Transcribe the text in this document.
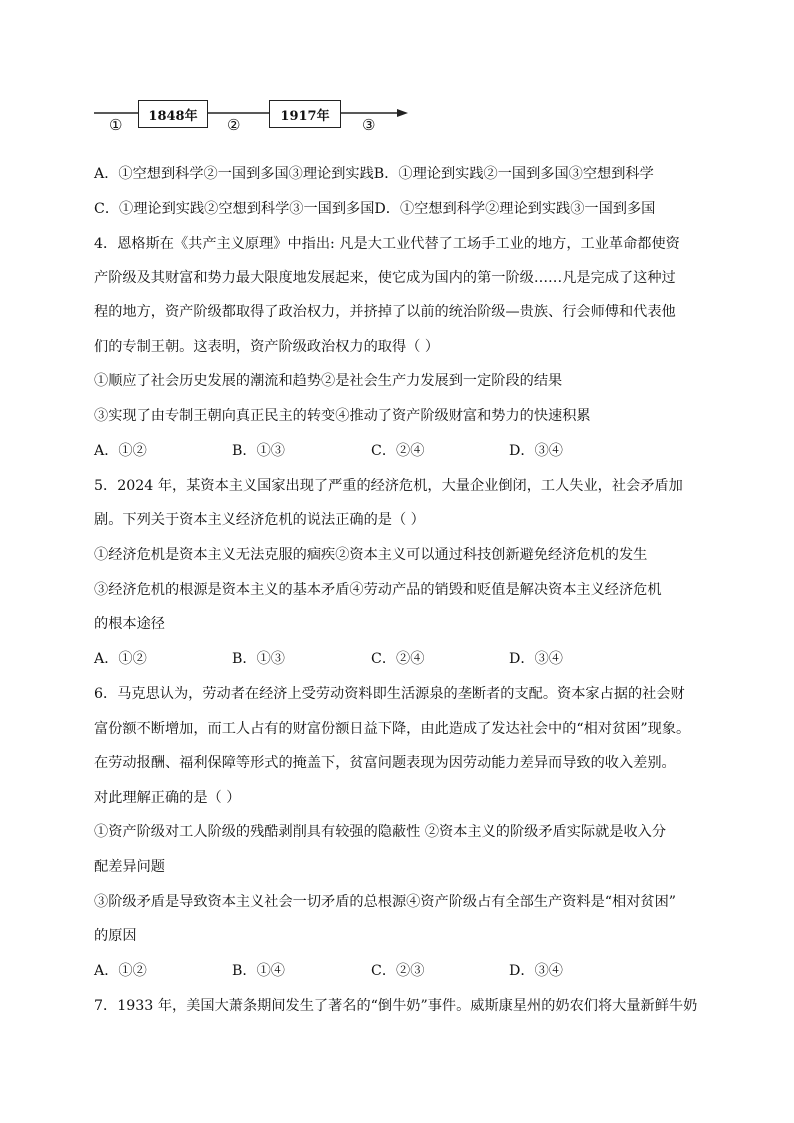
1848年	1917年
①	②	③
A．①空想到科学②一国到多国③理论到实践B．①理论到实践②一国到多国③空想到科学
C．①理论到实践②空想到科学③一国到多国D．①空想到科学②理论到实践③一国到多国
4．恩格斯在《共产主义原理》中指出: 凡是大工业代替了工场手工业的地方，工业革命都使资
产阶级及其财富和势力最大限度地发展起来，使它成为国内的第一阶级……凡是完成了这种过
程的地方，资产阶级都取得了政治权力，并挤掉了以前的统治阶级—贵族、行会师傅和代表他
们的专制王朝。这表明，资产阶级政治权力的取得（ ）
①顺应了社会历史发展的潮流和趋势②是社会生产力发展到一定阶段的结果
③实现了由专制王朝向真正民主的转变④推动了资产阶级财富和势力的快速积累
A．①②	B．①③	C．②④	D．③④
5．2024 年，某资本主义国家出现了严重的经济危机，大量企业倒闭，工人失业，社会矛盾加
剧。下列关于资本主义经济危机的说法正确的是（ ）
①经济危机是资本主义无法克服的痼疾②资本主义可以通过科技创新避免经济危机的发生
③经济危机的根源是资本主义的基本矛盾④劳动产品的销毁和贬值是解决资本主义经济危机
的根本途径
A．①②	B．①③	C．②④	D．③④
6．马克思认为，劳动者在经济上受劳动资料即生活源泉的垄断者的支配。资本家占据的社会财
富份额不断增加，而工人占有的财富份额日益下降，由此造成了发达社会中的“相对贫困”现象。
在劳动报酬、福利保障等形式的掩盖下，贫富问题表现为因劳动能力差异而导致的收入差别。
对此理解正确的是（ ）
①资产阶级对工人阶级的残酷剥削具有较强的隐蔽性 ②资本主义的阶级矛盾实际就是收入分
配差异问题
③阶级矛盾是导致资本主义社会一切矛盾的总根源④资产阶级占有全部生产资料是“相对贫困”
的原因
A．①②	B．①④	C．②③	D．③④
7．1933 年，美国大萧条期间发生了著名的“倒牛奶”事件。威斯康星州的奶农们将大量新鲜牛奶
